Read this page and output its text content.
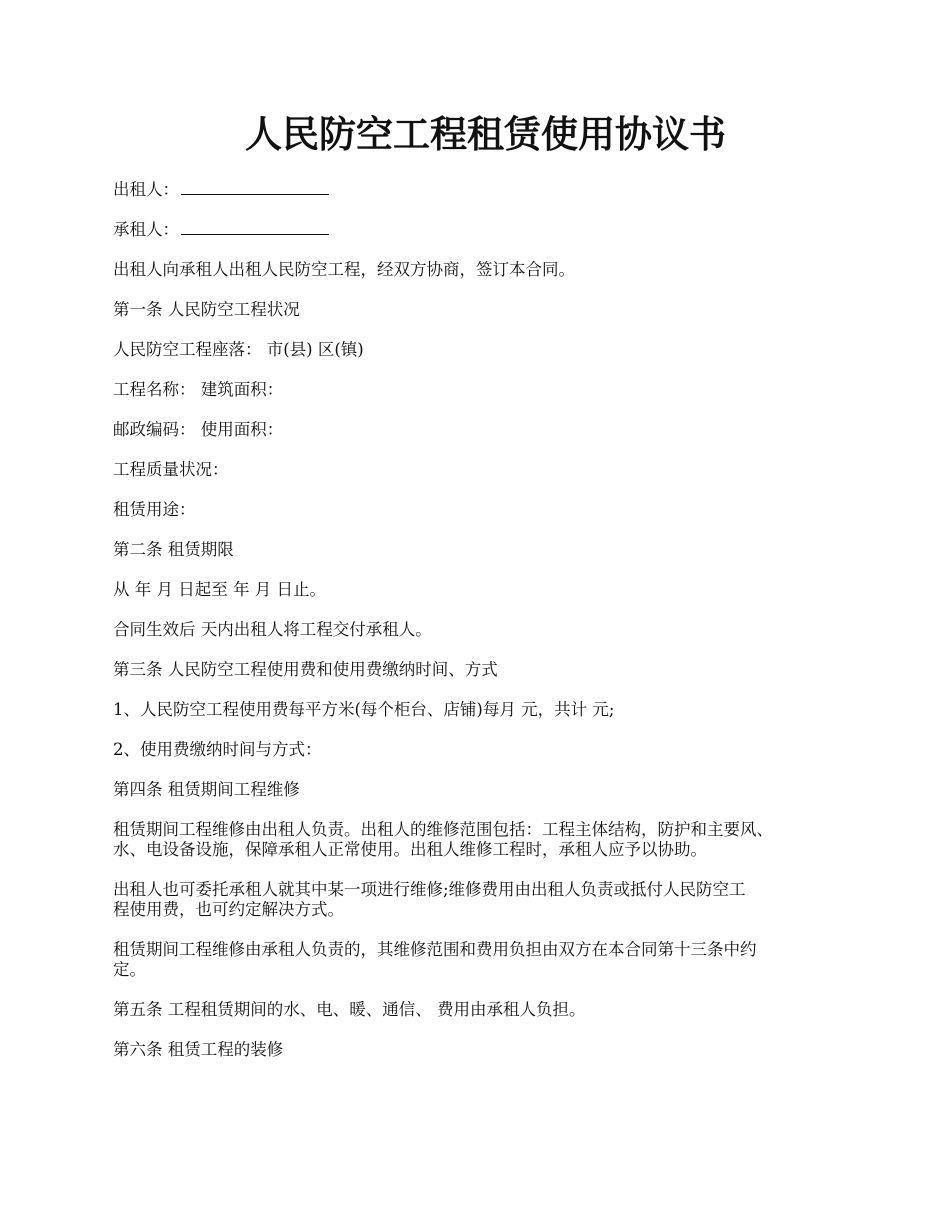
人民防空工程租赁使用协议书
出租人：
承租人：
出租人向承租人出租人民防空工程，经双方协商，签订本合同。
第一条 人民防空工程状况
人民防空工程座落： 市(县) 区(镇)
工程名称： 建筑面积：
邮政编码： 使用面积：
工程质量状况：
租赁用途：
第二条 租赁期限
从 年 月 日起至 年 月 日止。
合同生效后 天内出租人将工程交付承租人。
第三条 人民防空工程使用费和使用费缴纳时间、方式
1、人民防空工程使用费每平方米(每个柜台、店铺)每月 元，共计 元;
2、使用费缴纳时间与方式：
第四条 租赁期间工程维修
租赁期间工程维修由出租人负责。出租人的维修范围包括：工程主体结构，防护和主要风、
水、电设备设施，保障承租人正常使用。出租人维修工程时，承租人应予以协助。
出租人也可委托承租人就其中某一项进行维修;维修费用由出租人负责或抵付人民防空工
程使用费，也可约定解决方式。
租赁期间工程维修由承租人负责的，其维修范围和费用负担由双方在本合同第十三条中约
定。
第五条 工程租赁期间的水、电、暖、通信、 费用由承租人负担。
第六条 租赁工程的装修
